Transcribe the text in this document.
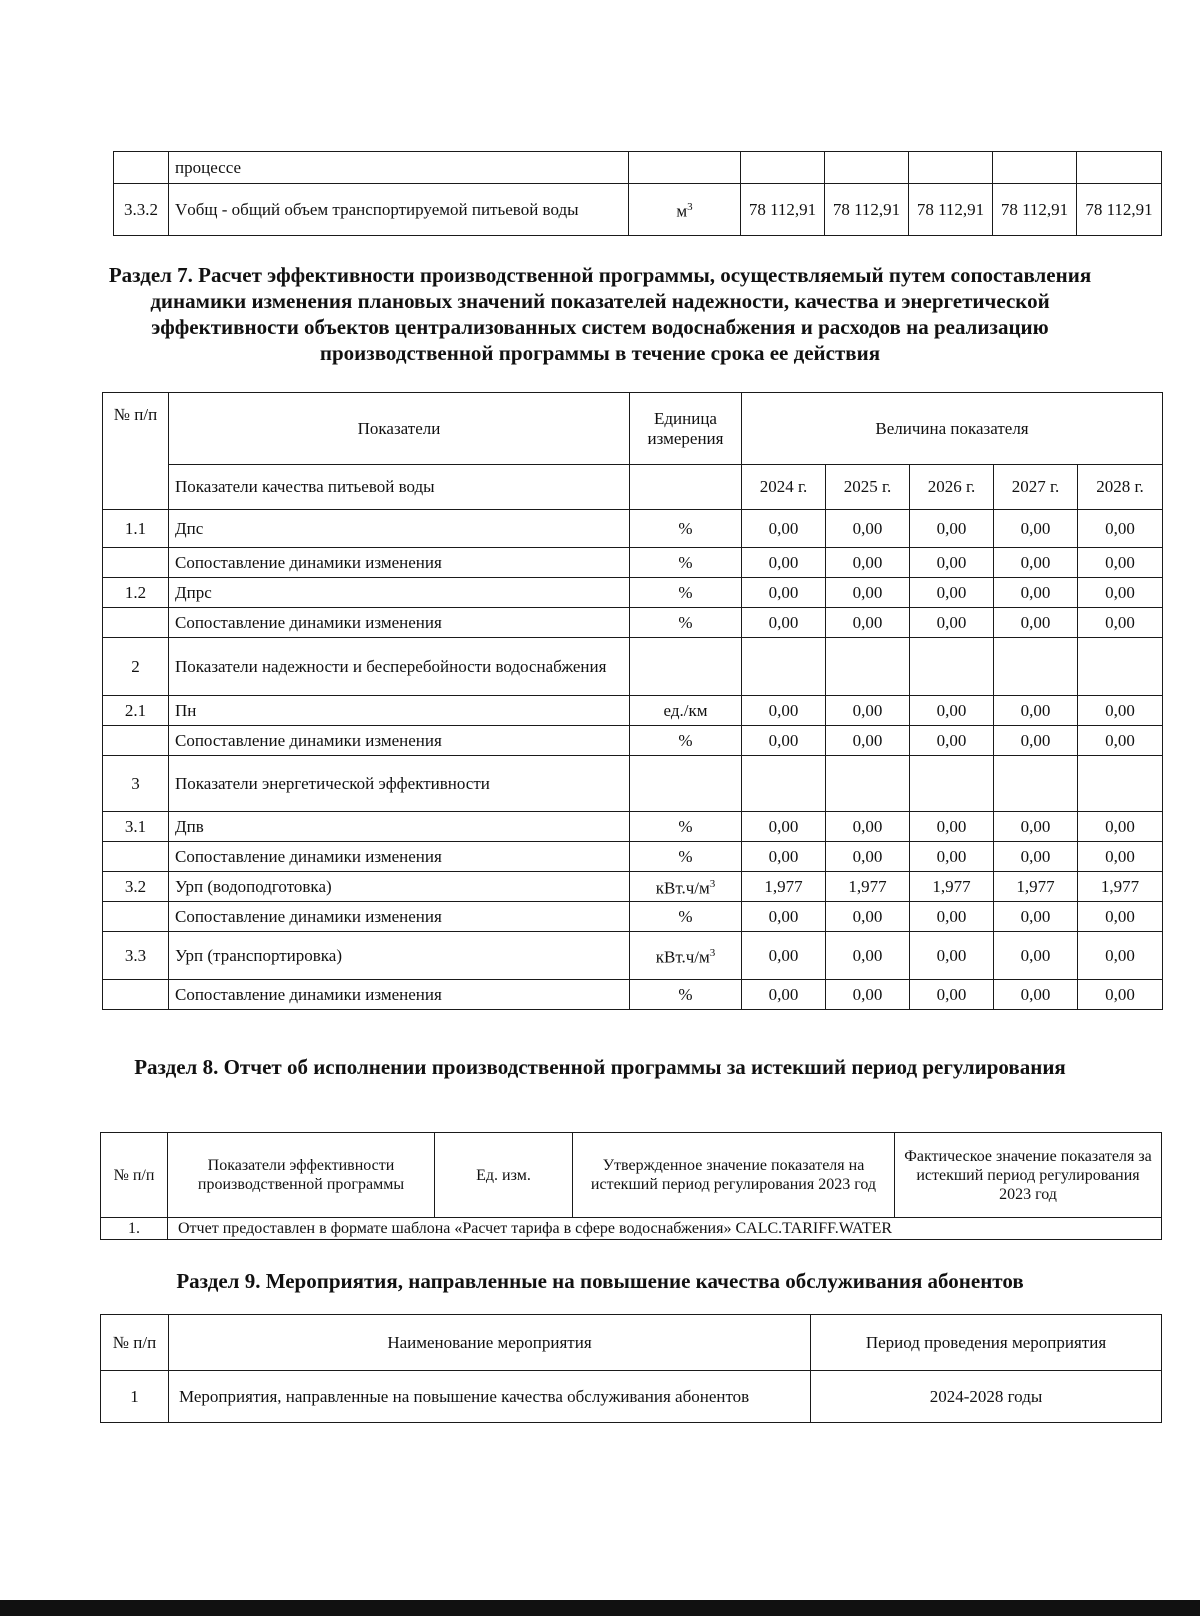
	процессе						
3.3.2	Vобщ - общий объем транспортируемой питьевой воды	$м^3$	78 112,91	78 112,91	78 112,91	78 112,91	78 112,91
Раздел 7. Расчет эффективности производственной программы, осуществляемый путем сопоставления динамики изменения плановых значений показателей надежности, качества и энергетической эффективности объектов централизованных систем водоснабжения и расходов на реализацию производственной программы в течение срока ее действия
№ п/п	Показатели	Единица измерения	Величина показателя				
	Показатели качества питьевой воды		2024 г.	2025 г.	2026 г.	2027 г.	2028 г.
1.1	Дпс	%	0,00	0,00	0,00	0,00	0,00
	Сопоставление динамики изменения	%	0,00	0,00	0,00	0,00	0,00
1.2	Дпрс	%	0,00	0,00	0,00	0,00	0,00
	Сопоставление динамики изменения	%	0,00	0,00	0,00	0,00	0,00
2	Показатели надежности и бесперебойности водоснабжения						
2.1	Пн	ед./км	0,00	0,00	0,00	0,00	0,00
	Сопоставление динамики изменения	%	0,00	0,00	0,00	0,00	0,00
3	Показатели энергетической эффективности						
3.1	Дпв	%	0,00	0,00	0,00	0,00	0,00
	Сопоставление динамики изменения	%	0,00	0,00	0,00	0,00	0,00
3.2	Урп (водоподготовка)	$кВт.ч/м^3$	1,977	1,977	1,977	1,977	1,977
	Сопоставление динамики изменения	%	0,00	0,00	0,00	0,00	0,00
3.3	Урп (транспортировка)	$кВт.ч/м^3$	0,00	0,00	0,00	0,00	0,00
	Сопоставление динамики изменения	%	0,00	0,00	0,00	0,00	0,00
Раздел 8. Отчет об исполнении производственной программы за истекший период регулирования
№ п/п	Показатели эффективности производственной программы	Ед. изм.	Утвержденное значение показателя на истекший период регулирования 2023 год	Фактическое значение показателя за истекший период регулирования 2023 год
1.	Отчет предоставлен в формате шаблона «Расчет тарифа в сфере водоснабжения» CALC.TARIFF.WATER			
Раздел 9. Мероприятия, направленные на повышение качества обслуживания абонентов
№ п/п	Наименование мероприятия	Период проведения мероприятия
1	Мероприятия, направленные на повышение качества обслуживания абонентов	2024-2028 годы
